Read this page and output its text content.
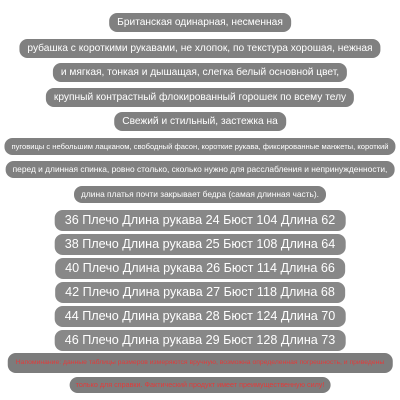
Британская одинарная, несменная
рубашка с короткими рукавами, не хлопок, по текстура хорошая, нежная
и мягкая, тонкая и дышащая, слегка белый основной цвет,
крупный контрастный флокированный горошек по всему телу
Свежий и стильный, застежка на
пуговицы с небольшим лацканом, свободный фасон, короткие рукава, фиксированные манжеты, короткий
перед и длинная спинка, ровно столько, сколько нужно для расслабления и непринужденности,
длина платья почти закрывает бедра (самая длинная часть).
36 Плечо Длина рукава 24 Бюст 104 Длина 62
38 Плечо Длина рукава 25 Бюст 108 Длина 64
40 Плечо Длина рукава 26 Бюст 114 Длина 66
42 Плечо Длина рукава 27 Бюст 118 Длина 68
44 Плечо Длина рукава 28 Бюст 124 Длина 70
46 Плечо Длина рукава 29 Бюст 128 Длина 73
Напоминание: данные таблицы размеров измеряются вручную, возможна определенная погрешность, и приведены
только для справки. Фактический продукт имеет преимущественную силу!
